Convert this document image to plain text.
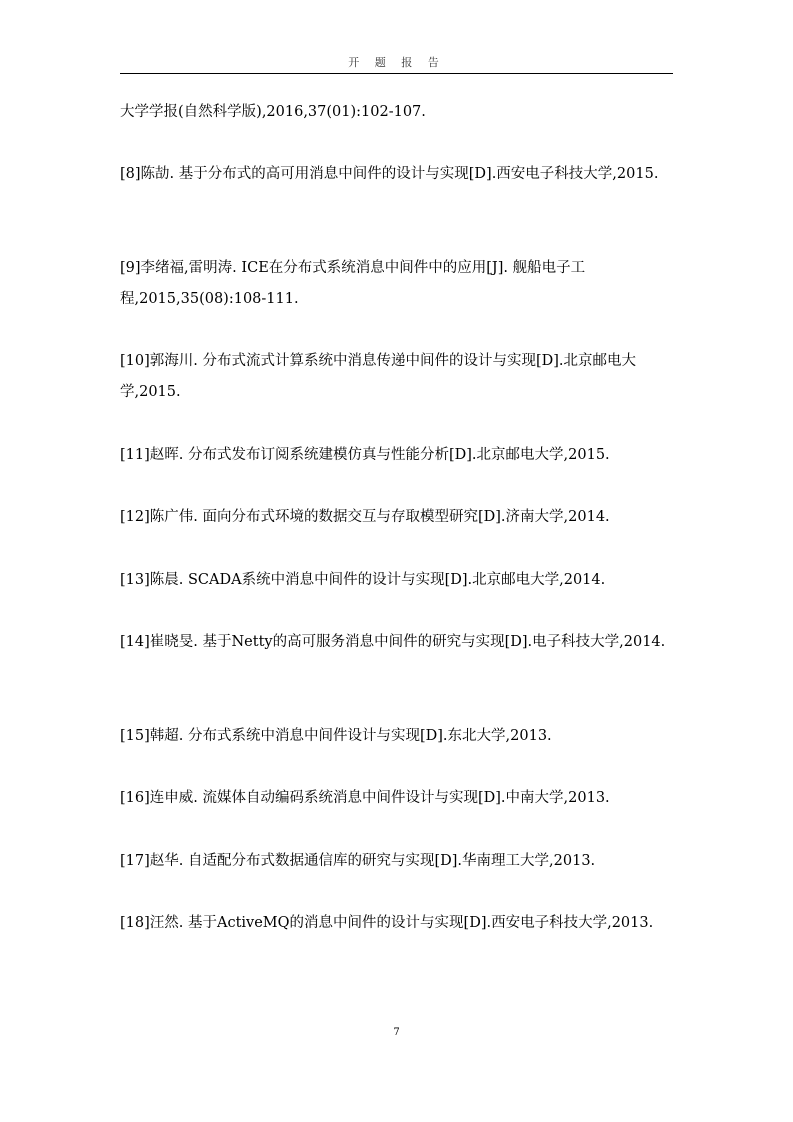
开 题 报 告

大学学报(自然科学版),2016,37(01):102-107.

[8]陈劼. 基于分布式的高可用消息中间件的设计与实现[D].西安电子科技大学,2015.

[9]李绪福,雷明涛. ICE在分布式系统消息中间件中的应用[J]. 舰船电子工程,2015,35(08):108-111.

[10]郭海川. 分布式流式计算系统中消息传递中间件的设计与实现[D].北京邮电大学,2015.

[11]赵晖. 分布式发布订阅系统建模仿真与性能分析[D].北京邮电大学,2015.

[12]陈广伟. 面向分布式环境的数据交互与存取模型研究[D].济南大学,2014.

[13]陈晨. SCADA系统中消息中间件的设计与实现[D].北京邮电大学,2014.

[14]崔晓旻. 基于Netty的高可服务消息中间件的研究与实现[D].电子科技大学,2014.

[15]韩超. 分布式系统中消息中间件设计与实现[D].东北大学,2013.

[16]连申威. 流媒体自动编码系统消息中间件设计与实现[D].中南大学,2013.

[17]赵华. 自适配分布式数据通信库的研究与实现[D].华南理工大学,2013.

[18]汪然. 基于ActiveMQ的消息中间件的设计与实现[D].西安电子科技大学,2013.

7
